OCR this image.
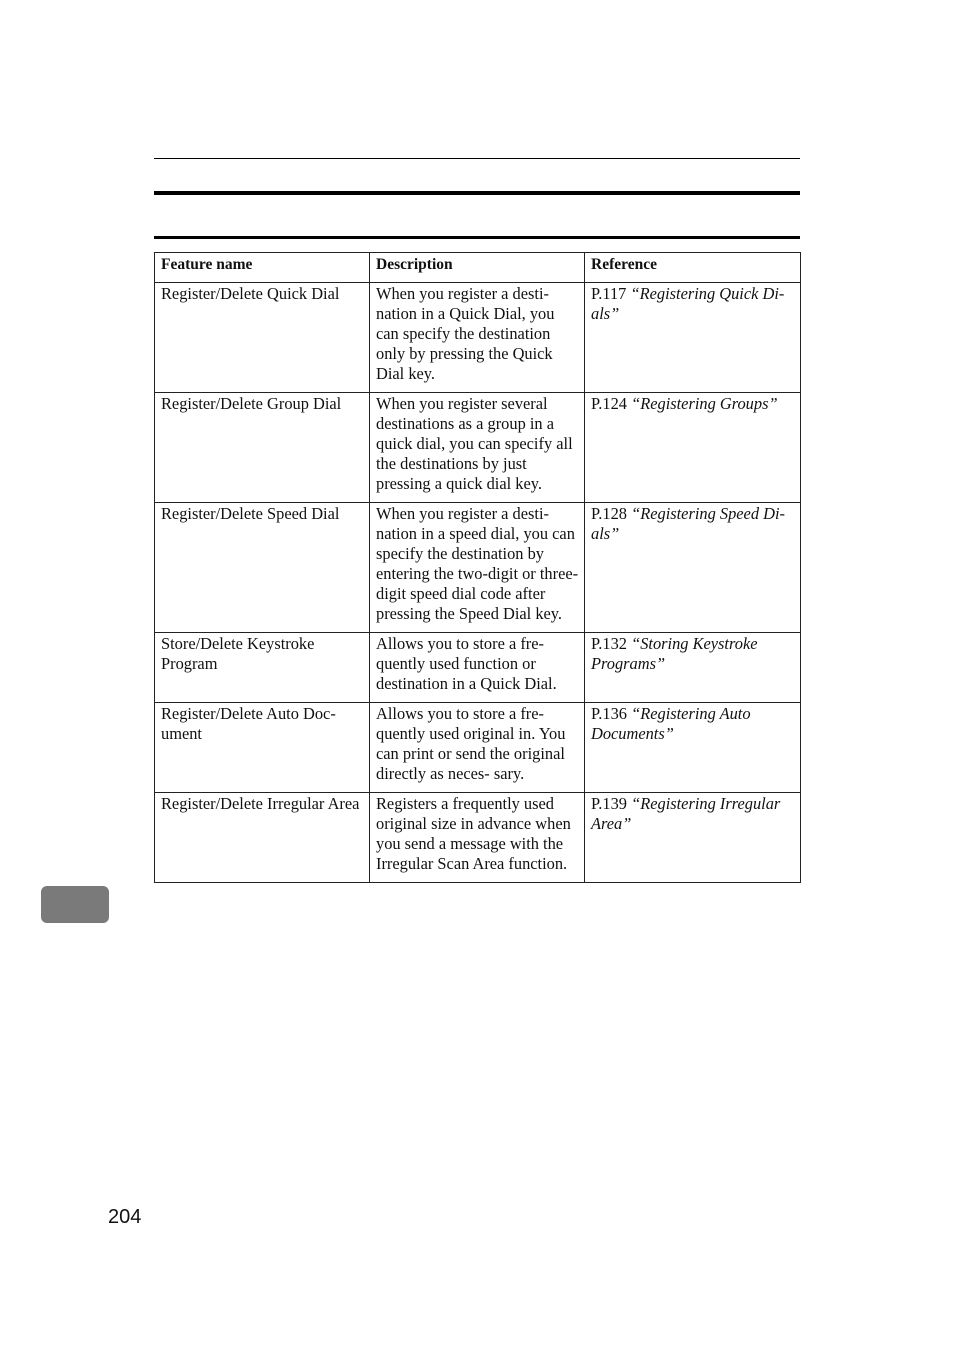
Feature name	Description	Reference
Register/Delete Quick Dial	When you register a desti- nation in a Quick Dial, you can specify the destination only by pressing the Quick Dial key.	P.117 “Registering Quick Di- als”
Register/Delete Group Dial	When you register several destinations as a group in a quick dial, you can specify all the destinations by just pressing a quick dial key.	P.124 “Registering Groups”
Register/Delete Speed Dial	When you register a desti- nation in a speed dial, you can specify the destination by entering the two-digit or three-digit speed dial code after pressing the Speed Dial key.	P.128 “Registering Speed Di- als”
Store/Delete Keystroke Program	Allows you to store a fre- quently used function or destination in a Quick Dial.	P.132 “Storing Keystroke Programs”
Register/Delete Auto Doc- ument	Allows you to store a fre- quently used original in. You can print or send the original directly as neces- sary.	P.136 “Registering Auto Documents”
Register/Delete Irregular Area	Registers a frequently used original size in advance when you send a message with the Irregular Scan Area function.	P.139 “Registering Irregular Area”
204
